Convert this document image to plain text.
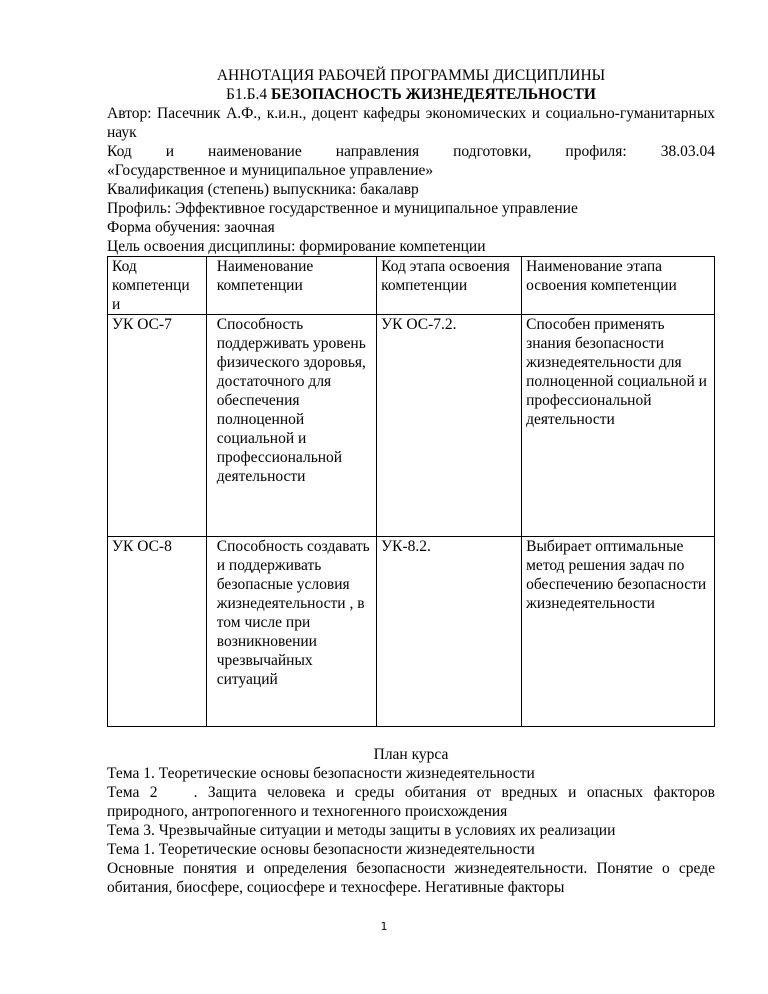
АННОТАЦИЯ РАБОЧЕЙ ПРОГРАММЫ ДИСЦИПЛИНЫ
Б1.Б.4 БЕЗОПАСНОСТЬ ЖИЗНЕДЕЯТЕЛЬНОСТИ
Автор: Пасечник А.Ф., к.и.н., доцент кафедры экономических и социально-гуманитарных наук
Код и наименование направления подготовки, профиля: 38.03.04
«Государственное и муниципальное управление»
Квалификация (степень) выпускника: бакалавр
Профиль: Эффективное государственное и муниципальное управление
Форма обучения: заочная
Цель освоения дисциплины: формирование компетенции
Код компетенци и	Наименование компетенции	Код этапа освоения компетенции	Наименование этапа освоения компетенции
УК ОС-7	Способность поддерживать уровень физического здоровья, достаточного для обеспечения полноценной социальной и профессиональной деятельности	УК ОС-7.2.	Способен применять знания безопасности жизнедеятельности для полноценной социальной и профессиональной деятельности
УК ОС-8	Способность создавать и поддерживать безопасные условия жизнедеятельности , в том числе при возникновении чрезвычайных ситуаций	УК-8.2.	Выбирает оптимальные метод решения задач по обеспечению безопасности жизнедеятельности
План курса
Тема 1. Теоретические основы безопасности жизнедеятельности
Тема 2 . Защита человека и среды обитания от вредных и опасных факторов природного, антропогенного и техногенного происхождения
Тема 3. Чрезвычайные ситуации и методы защиты в условиях их реализации
Тема 1. Теоретические основы безопасности жизнедеятельности
Основные понятия и определения безопасности жизнедеятельности. Понятие о среде обитания, биосфере, социосфере и техносфере. Негативные факторы
1
